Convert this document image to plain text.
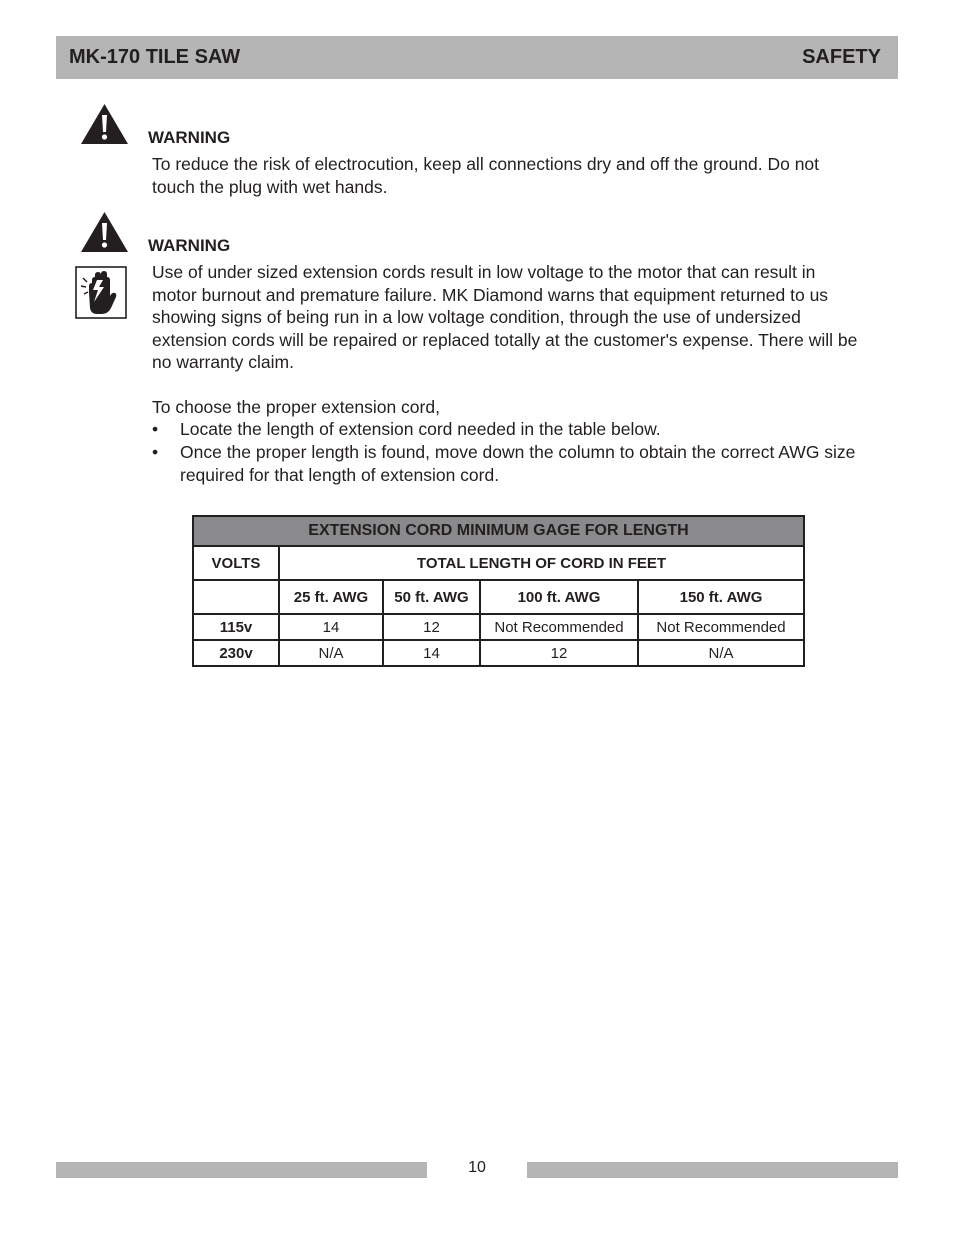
MK-170 TILE SAW	SAFETY
WARNING

To reduce the risk of electrocution, keep all connections dry and off the ground. Do not touch the plug with wet hands.

WARNING

Use of under sized extension cords result in low voltage to the motor that can result in motor burnout and premature failure. MK Diamond warns that equipment returned to us showing signs of being run in a low voltage condition, through the use of undersized extension cords will be repaired or replaced totally at the customer's expense. There will be no warranty claim.

To choose the proper extension cord,

• Locate the length of extension cord needed in the table below.
• Once the proper length is found, move down the column to obtain the correct AWG size required for that length of extension cord.
EXTENSION CORD MINIMUM GAGE FOR LENGTH				
VOLTS	TOTAL LENGTH OF CORD IN FEET			
	25 ft. AWG	50 ft. AWG	100 ft. AWG	150 ft. AWG
115v	14	12	Not Recommended	Not Recommended
230v	N/A	14	12	N/A
10
